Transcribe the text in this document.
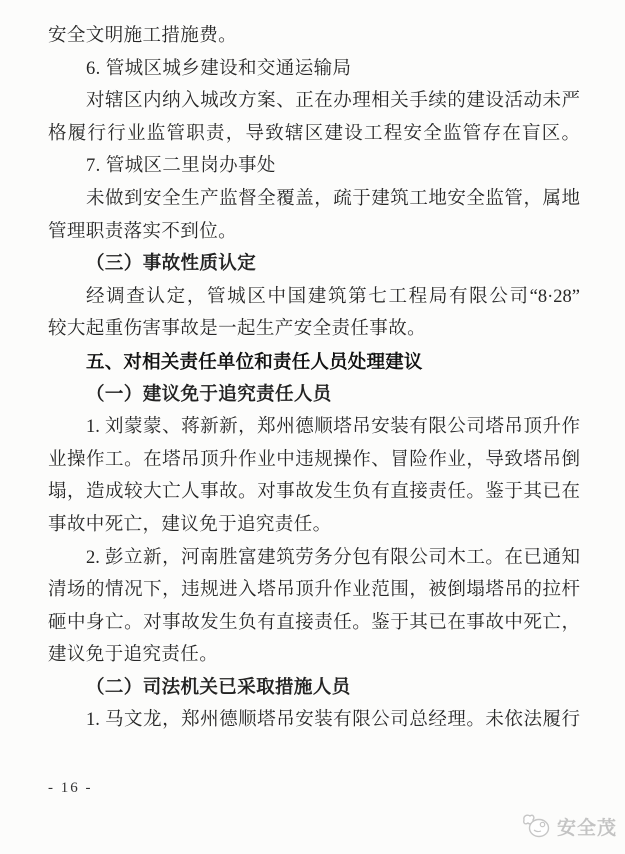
安全文明施工措施费。
6. 管城区城乡建设和交通运输局
对辖区内纳入城改方案、正在办理相关手续的建设活动未严
格履行行业监管职责，导致辖区建设工程安全监管存在盲区。
7. 管城区二里岗办事处
未做到安全生产监督全覆盖，疏于建筑工地安全监管，属地
管理职责落实不到位。
（三）事故性质认定
经调查认定，管城区中国建筑第七工程局有限公司“8·28”
较大起重伤害事故是一起生产安全责任事故。
五、对相关责任单位和责任人员处理建议
（一）建议免于追究责任人员
1. 刘蒙蒙、蒋新新，郑州德顺塔吊安装有限公司塔吊顶升作
业操作工。在塔吊顶升作业中违规操作、冒险作业，导致塔吊倒
塌，造成较大亡人事故。对事故发生负有直接责任。鉴于其已在
事故中死亡，建议免于追究责任。
2. 彭立新，河南胜富建筑劳务分包有限公司木工。在已通知
清场的情况下，违规进入塔吊顶升作业范围，被倒塌塔吊的拉杆
砸中身亡。对事故发生负有直接责任。鉴于其已在事故中死亡，
建议免于追究责任。
（二）司法机关已采取措施人员
1. 马文龙，郑州德顺塔吊安装有限公司总经理。未依法履行
- 16 -
安全茂
